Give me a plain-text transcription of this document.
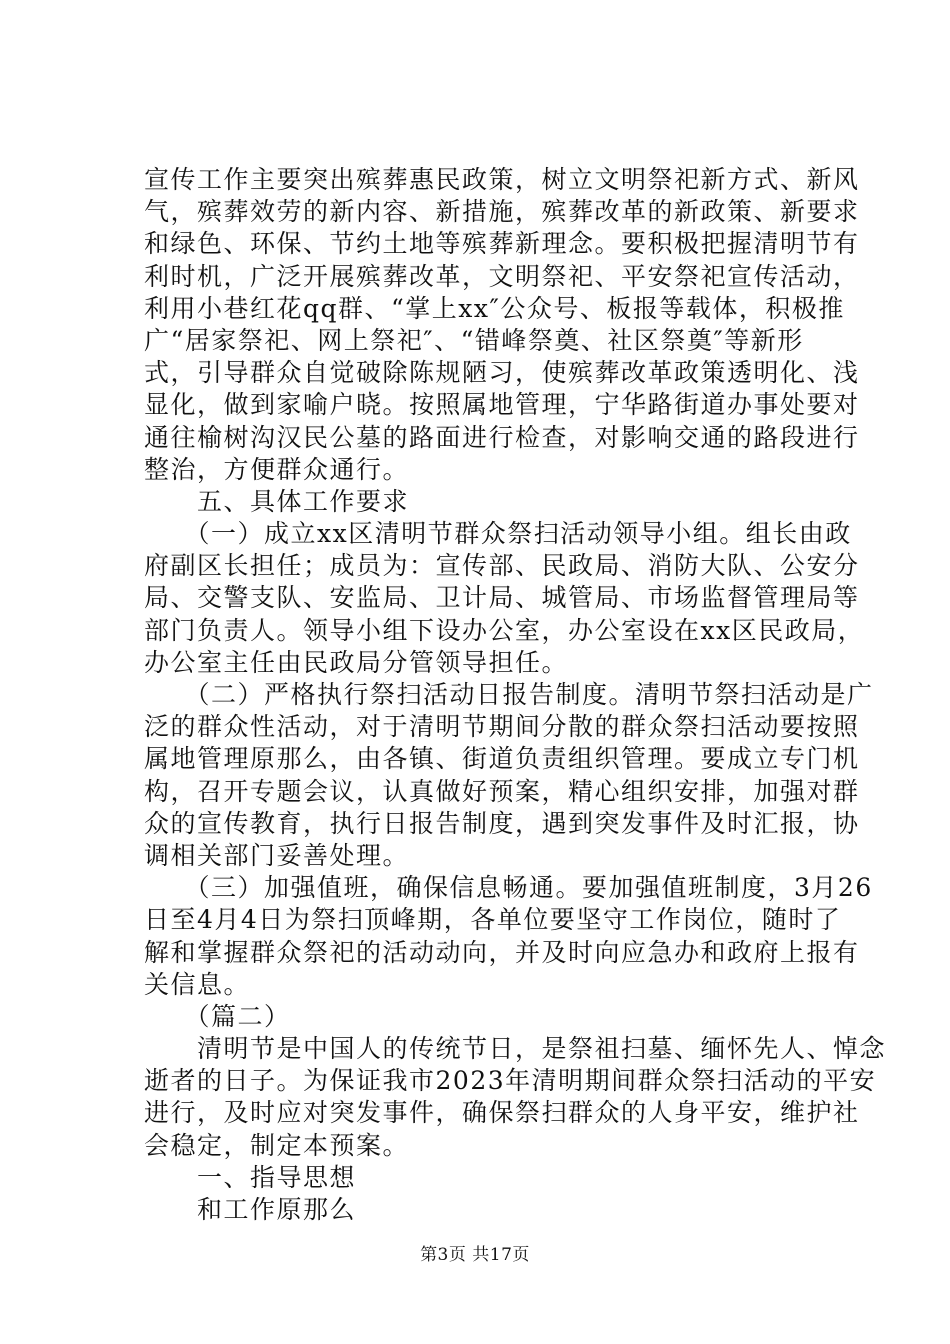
宣传工作主要突出殡葬惠民政策，树立文明祭祀新方式、新风
气，殡葬效劳的新内容、新措施，殡葬改革的新政策、新要求
和绿色、环保、节约土地等殡葬新理念。要积极把握清明节有
利时机，广泛开展殡葬改革，文明祭祀、平安祭祀宣传活动，
利用小巷红花qq群、“掌上xx″公众号、板报等载体，积极推
广“居家祭祀、网上祭祀″、“错峰祭奠、社区祭奠″等新形
式，引导群众自觉破除陈规陋习，使殡葬改革政策透明化、浅
显化，做到家喻户晓。按照属地管理，宁华路街道办事处要对
通往榆树沟汉民公墓的路面进行检查，对影响交通的路段进行
整治，方便群众通行。
　　五、具体工作要求
　　（一）成立xx区清明节群众祭扫活动领导小组。组长由政
府副区长担任；成员为：宣传部、民政局、消防大队、公安分
局、交警支队、安监局、卫计局、城管局、市场监督管理局等
部门负责人。领导小组下设办公室，办公室设在xx区民政局，
办公室主任由民政局分管领导担任。
　　（二）严格执行祭扫活动日报告制度。清明节祭扫活动是广
泛的群众性活动，对于清明节期间分散的群众祭扫活动要按照
属地管理原那么，由各镇、街道负责组织管理。要成立专门机
构，召开专题会议，认真做好预案，精心组织安排，加强对群
众的宣传教育，执行日报告制度，遇到突发事件及时汇报，协
调相关部门妥善处理。
　　（三）加强值班，确保信息畅通。要加强值班制度，3月26
日至4月4日为祭扫顶峰期，各单位要坚守工作岗位，随时了
解和掌握群众祭祀的活动动向，并及时向应急办和政府上报有
关信息。
　　（篇二）
　　清明节是中国人的传统节日，是祭祖扫墓、缅怀先人、悼念
逝者的日子。为保证我市2023年清明期间群众祭扫活动的平安
进行，及时应对突发事件，确保祭扫群众的人身平安，维护社
会稳定，制定本预案。
　　一、指导思想
　　和工作原那么
第3页 共17页
